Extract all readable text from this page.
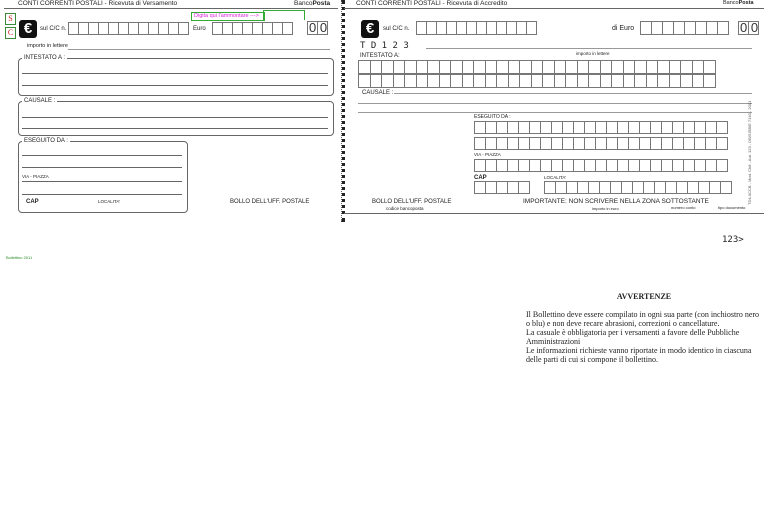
CONTI CORRENTI POSTALI - Ricevuta di Versamento	BancoPosta
S
C
Digita qui l'ammontare --->
€	sul C/C n.	Euro	0 0
importo in lettere
INTESTATO A :
CAUSALE :
ESEGUITO DA :
VIA - PIAZZA
CAP	LOCALITA'	BOLLO DELL'UFF. POSTALE
CONTI CORRENTI POSTALI - Ricevuta di Accredito	BancoPosta
€	sul C/C n.	di Euro	0 0
T D 1 2 3
importo in lettere
INTESTATO A:
CAUSALE :
ESEGUITO DA :
VIA - PIAZZA
CAP	LOCALITA'
BOLLO DELL'UFF. POSTALE
codice bancoposta
IMPORTANTE: NON SCRIVERE NELLA ZONA SOTTOSTANTE
importo in euro	numero conto	tipo documento
TD4-0CCB - Mod. Ch8 - Aut. 123 - DB/SISB/E 7140 - 2001
123>
Bollettino 2011
AVVERTENZE
Il Bollettino deve essere compilato in ogni sua parte (con inchiostro nero o blu) e non deve recare abrasioni, correzioni o cancellature.
La casuale è obbligatoria per i versamenti a favore delle Pubbliche Amministrazioni
Le informazioni richieste vanno riportate in modo identico in ciascuna delle parti di cui si compone il bollettino.
